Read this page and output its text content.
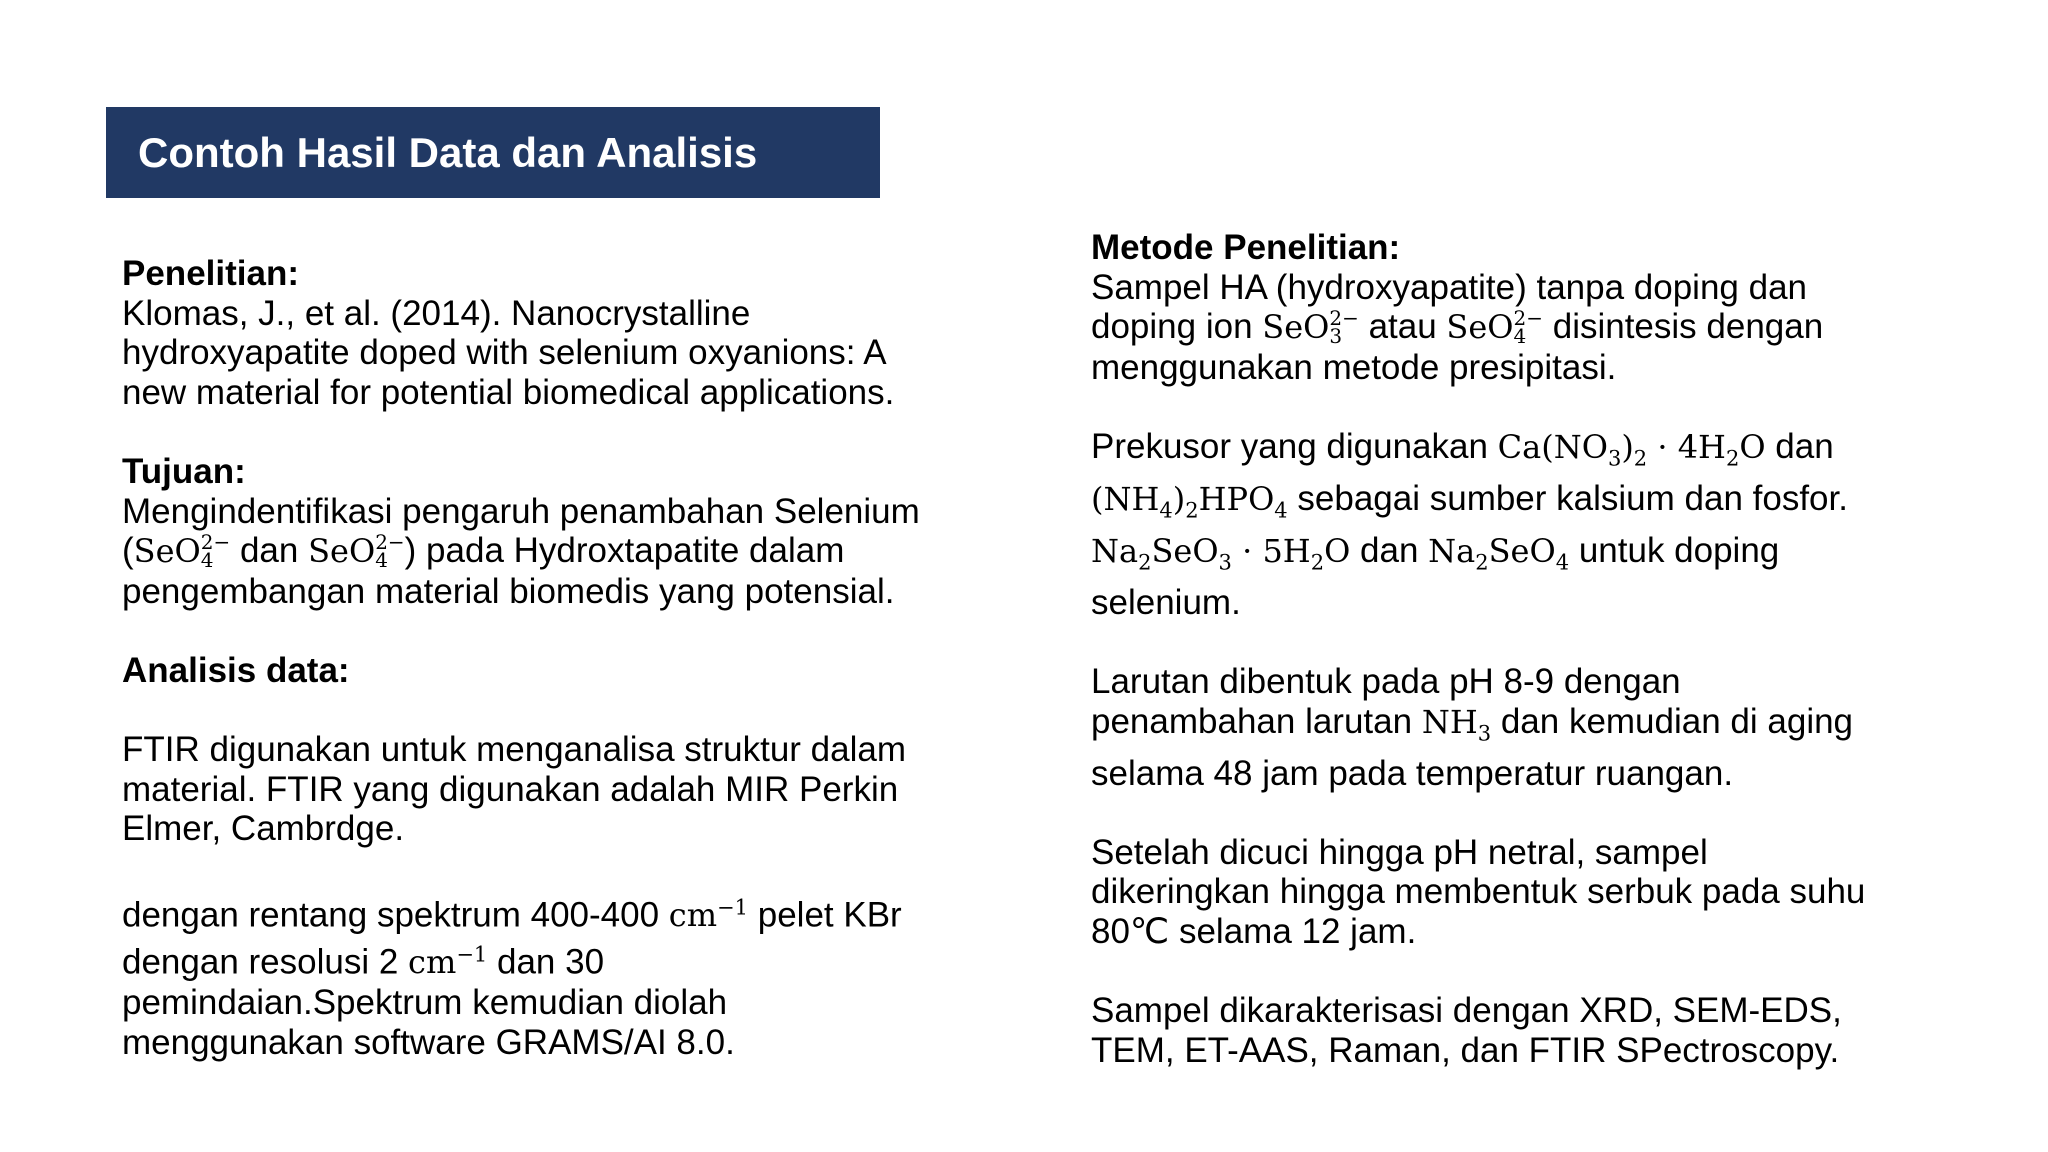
Contoh Hasil Data dan Analisis
Penelitian:
Klomas, J., et al. (2014). Nanocrystalline
hydroxyapatite doped with selenium oxyanions: A
new material for potential biomedical applications.
Tujuan:
Mengindentifikasi pengaruh penambahan Selenium
(SeO 2−
4 dan SeO 2−
4 ) pada Hydroxtapatite dalam
pengembangan material biomedis yang potensial.
Analisis data:
FTIR digunakan untuk menganalisa struktur dalam
material. FTIR yang digunakan adalah MIR Perkin
Elmer, Cambrdge.
dengan rentang spektrum 400-400 $cm^{-1}$ pelet KBr
dengan resolusi 2 $cm^{-1}$ dan 30
pemindaian.Spektrum kemudian diolah
menggunakan software GRAMS/AI 8.0.
Metode Penelitian:
Sampel HA (hydroxyapatite) tanpa doping dan
doping ion SeO 2−
3 atau SeO 2−
4 disintesis dengan
menggunakan metode presipitasi.
Prekusor yang digunakan $Ca(NO_3)_2 \cdot 4H_2O$ dan
$(NH_4)_2HPO_4$ sebagai sumber kalsium dan fosfor.
$Na_2SeO_3 \cdot 5H_2O$ dan $Na_2SeO_4$ untuk doping
selenium.
Larutan dibentuk pada pH 8-9 dengan
penambahan larutan $NH_3$ dan kemudian di aging
selama 48 jam pada temperatur ruangan.
Setelah dicuci hingga pH netral, sampel
dikeringkan hingga membentuk serbuk pada suhu
80℃ selama 12 jam.
Sampel dikarakterisasi dengan XRD, SEM-EDS,
TEM, ET-AAS, Raman, dan FTIR SPectroscopy.
